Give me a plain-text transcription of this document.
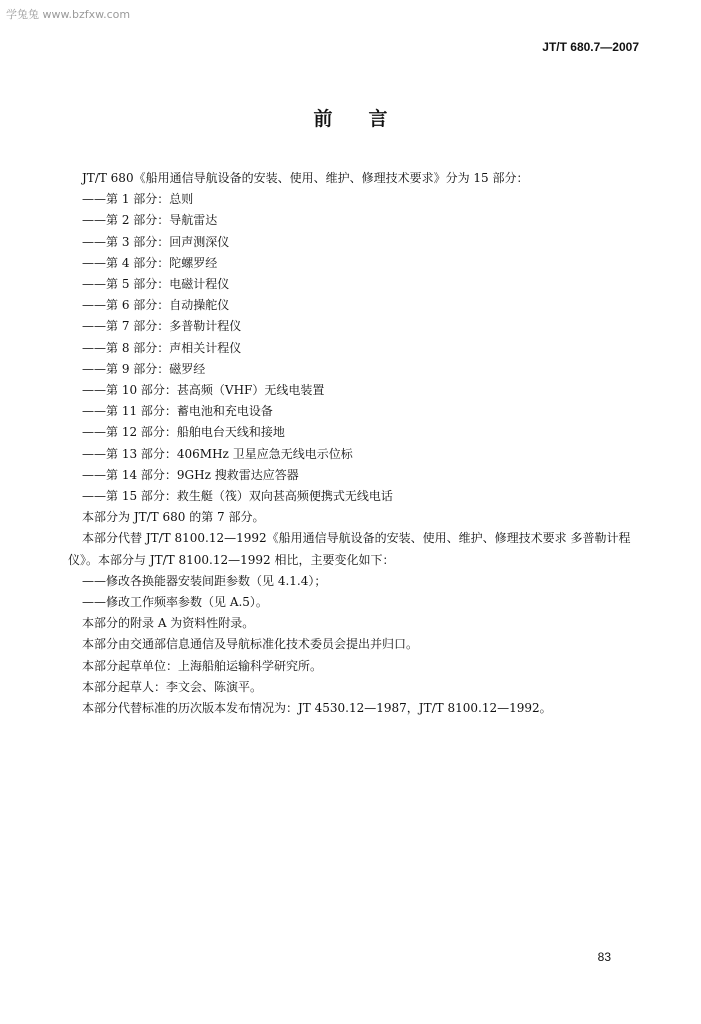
学兔兔 www.bzfxw.com
JT/T 680.7—2007
前言

JT/T 680《船用通信导航设备的安装、使用、维护、修理技术要求》分为 15 部分：

——第 1 部分：总则

——第 2 部分：导航雷达

——第 3 部分：回声测深仪

——第 4 部分：陀螺罗经

——第 5 部分：电磁计程仪

——第 6 部分：自动操舵仪

——第 7 部分：多普勒计程仪

——第 8 部分：声相关计程仪

——第 9 部分：磁罗经

——第 10 部分：甚高频（VHF）无线电装置

——第 11 部分：蓄电池和充电设备

——第 12 部分：船舶电台天线和接地

——第 13 部分：406MHz 卫星应急无线电示位标

——第 14 部分：9GHz 搜救雷达应答器

——第 15 部分：救生艇（筏）双向甚高频便携式无线电话

本部分为 JT/T 680 的第 7 部分。

本部分代替 JT/T 8100.12—1992《船用通信导航设备的安装、使用、维护、修理技术要求 多普勒计程

仪》。本部分与 JT/T 8100.12—1992 相比，主要变化如下：

——修改各换能器安装间距参数（见 4.1.4）；

——修改工作频率参数（见 A.5）。

本部分的附录 A 为资料性附录。

本部分由交通部信息通信及导航标准化技术委员会提出并归口。

本部分起草单位：上海船舶运输科学研究所。

本部分起草人：李文会、陈演平。

本部分代替标准的历次版本发布情况为：JT 4530.12—1987，JT/T 8100.12—1992。

83
